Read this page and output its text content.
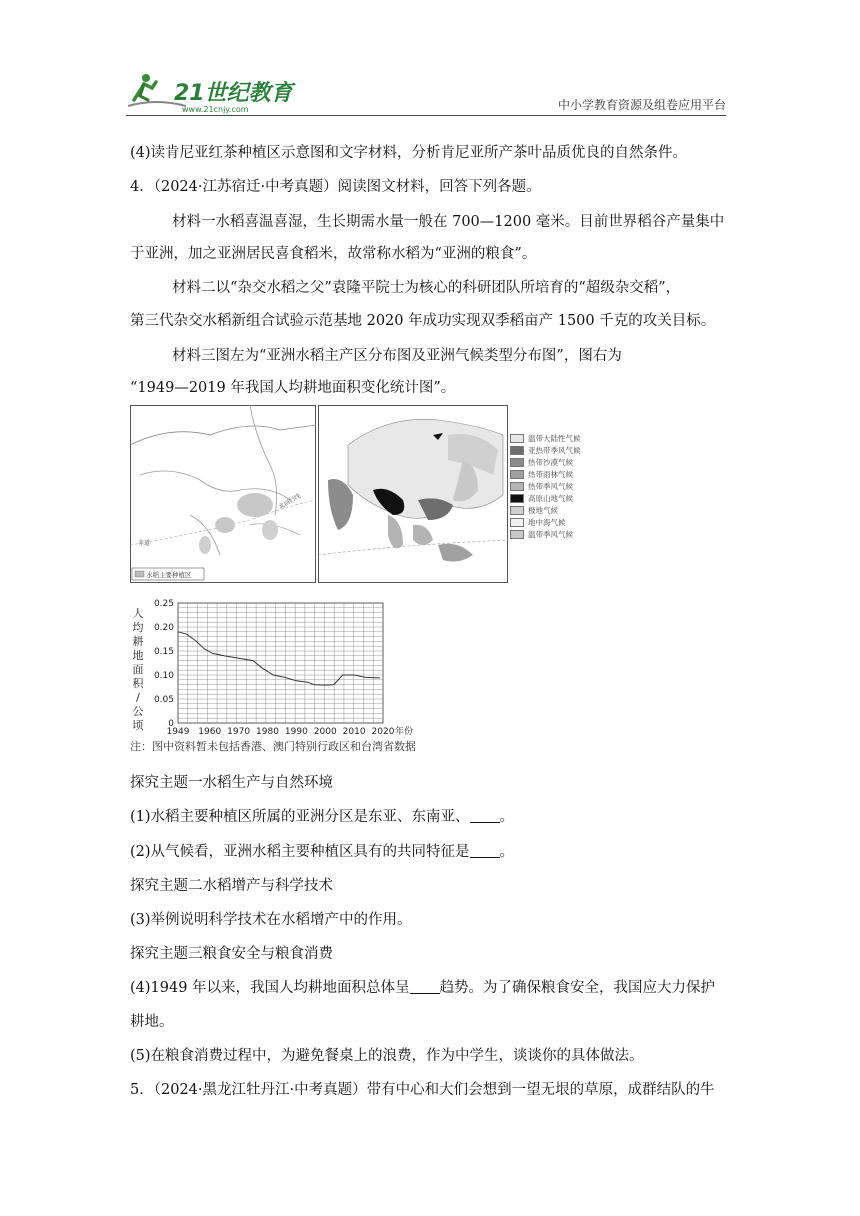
21世纪教育
www.21cnjy.com	中小学教育资源及组卷应用平台
(4)读肯尼亚红茶种植区示意图和文字材料，分析肯尼亚所产茶叶品质优良的自然条件。
4．（2024·江苏宿迁·中考真题）阅读图文材料，回答下列各题。
材料一水稻喜温喜湿，生长期需水量一般在 700—1200 毫米。目前世界稻谷产量集中
于亚洲，加之亚洲居民喜食稻米，故常称水稻为“亚洲的粮食”。
材料二以“杂交水稻之父”袁隆平院士为核心的科研团队所培育的“超级杂交稻”，
第三代杂交水稻新组合试验示范基地 2020 年成功实现双季稻亩产 1500 千克的攻关目标。
材料三图左为“亚洲水稻主产区分布图及亚洲气候类型分布图”，图右为
“1949—2019 年我国人均耕地面积变化统计图”。
北回归线
赤道
水稻主要种植区
温带大陆性气候
亚热带季风气候
热带沙漠气候
热带雨林气候
热带季风气候
高原山地气候
极地气候
地中海气候
温带季风气候
0
0.05
0.10
0.15
0.20
0.25
1949 1960 1970 1980 1990 2000 2010 2020 年份
人
均
耕
地
面
积
/
公
顷
注：图中资料暂未包括香港、澳门特别行政区和台湾省数据
探究主题一水稻生产与自然环境
(1)水稻主要种植区所属的亚洲分区是东亚、东南亚、 。
(2)从气候看，亚洲水稻主要种植区具有的共同特征是 。
探究主题二水稻增产与科学技术
(3)举例说明科学技术在水稻增产中的作用。
探究主题三粮食安全与粮食消费
(4)1949 年以来，我国人均耕地面积总体呈 趋势。为了确保粮食安全，我国应大力保护
耕地。
(5)在粮食消费过程中，为避免餐桌上的浪费，作为中学生，谈谈你的具体做法。
5．（2024·黑龙江牡丹江·中考真题）带有中心和大们会想到一望无垠的草原，成群结队的牛
